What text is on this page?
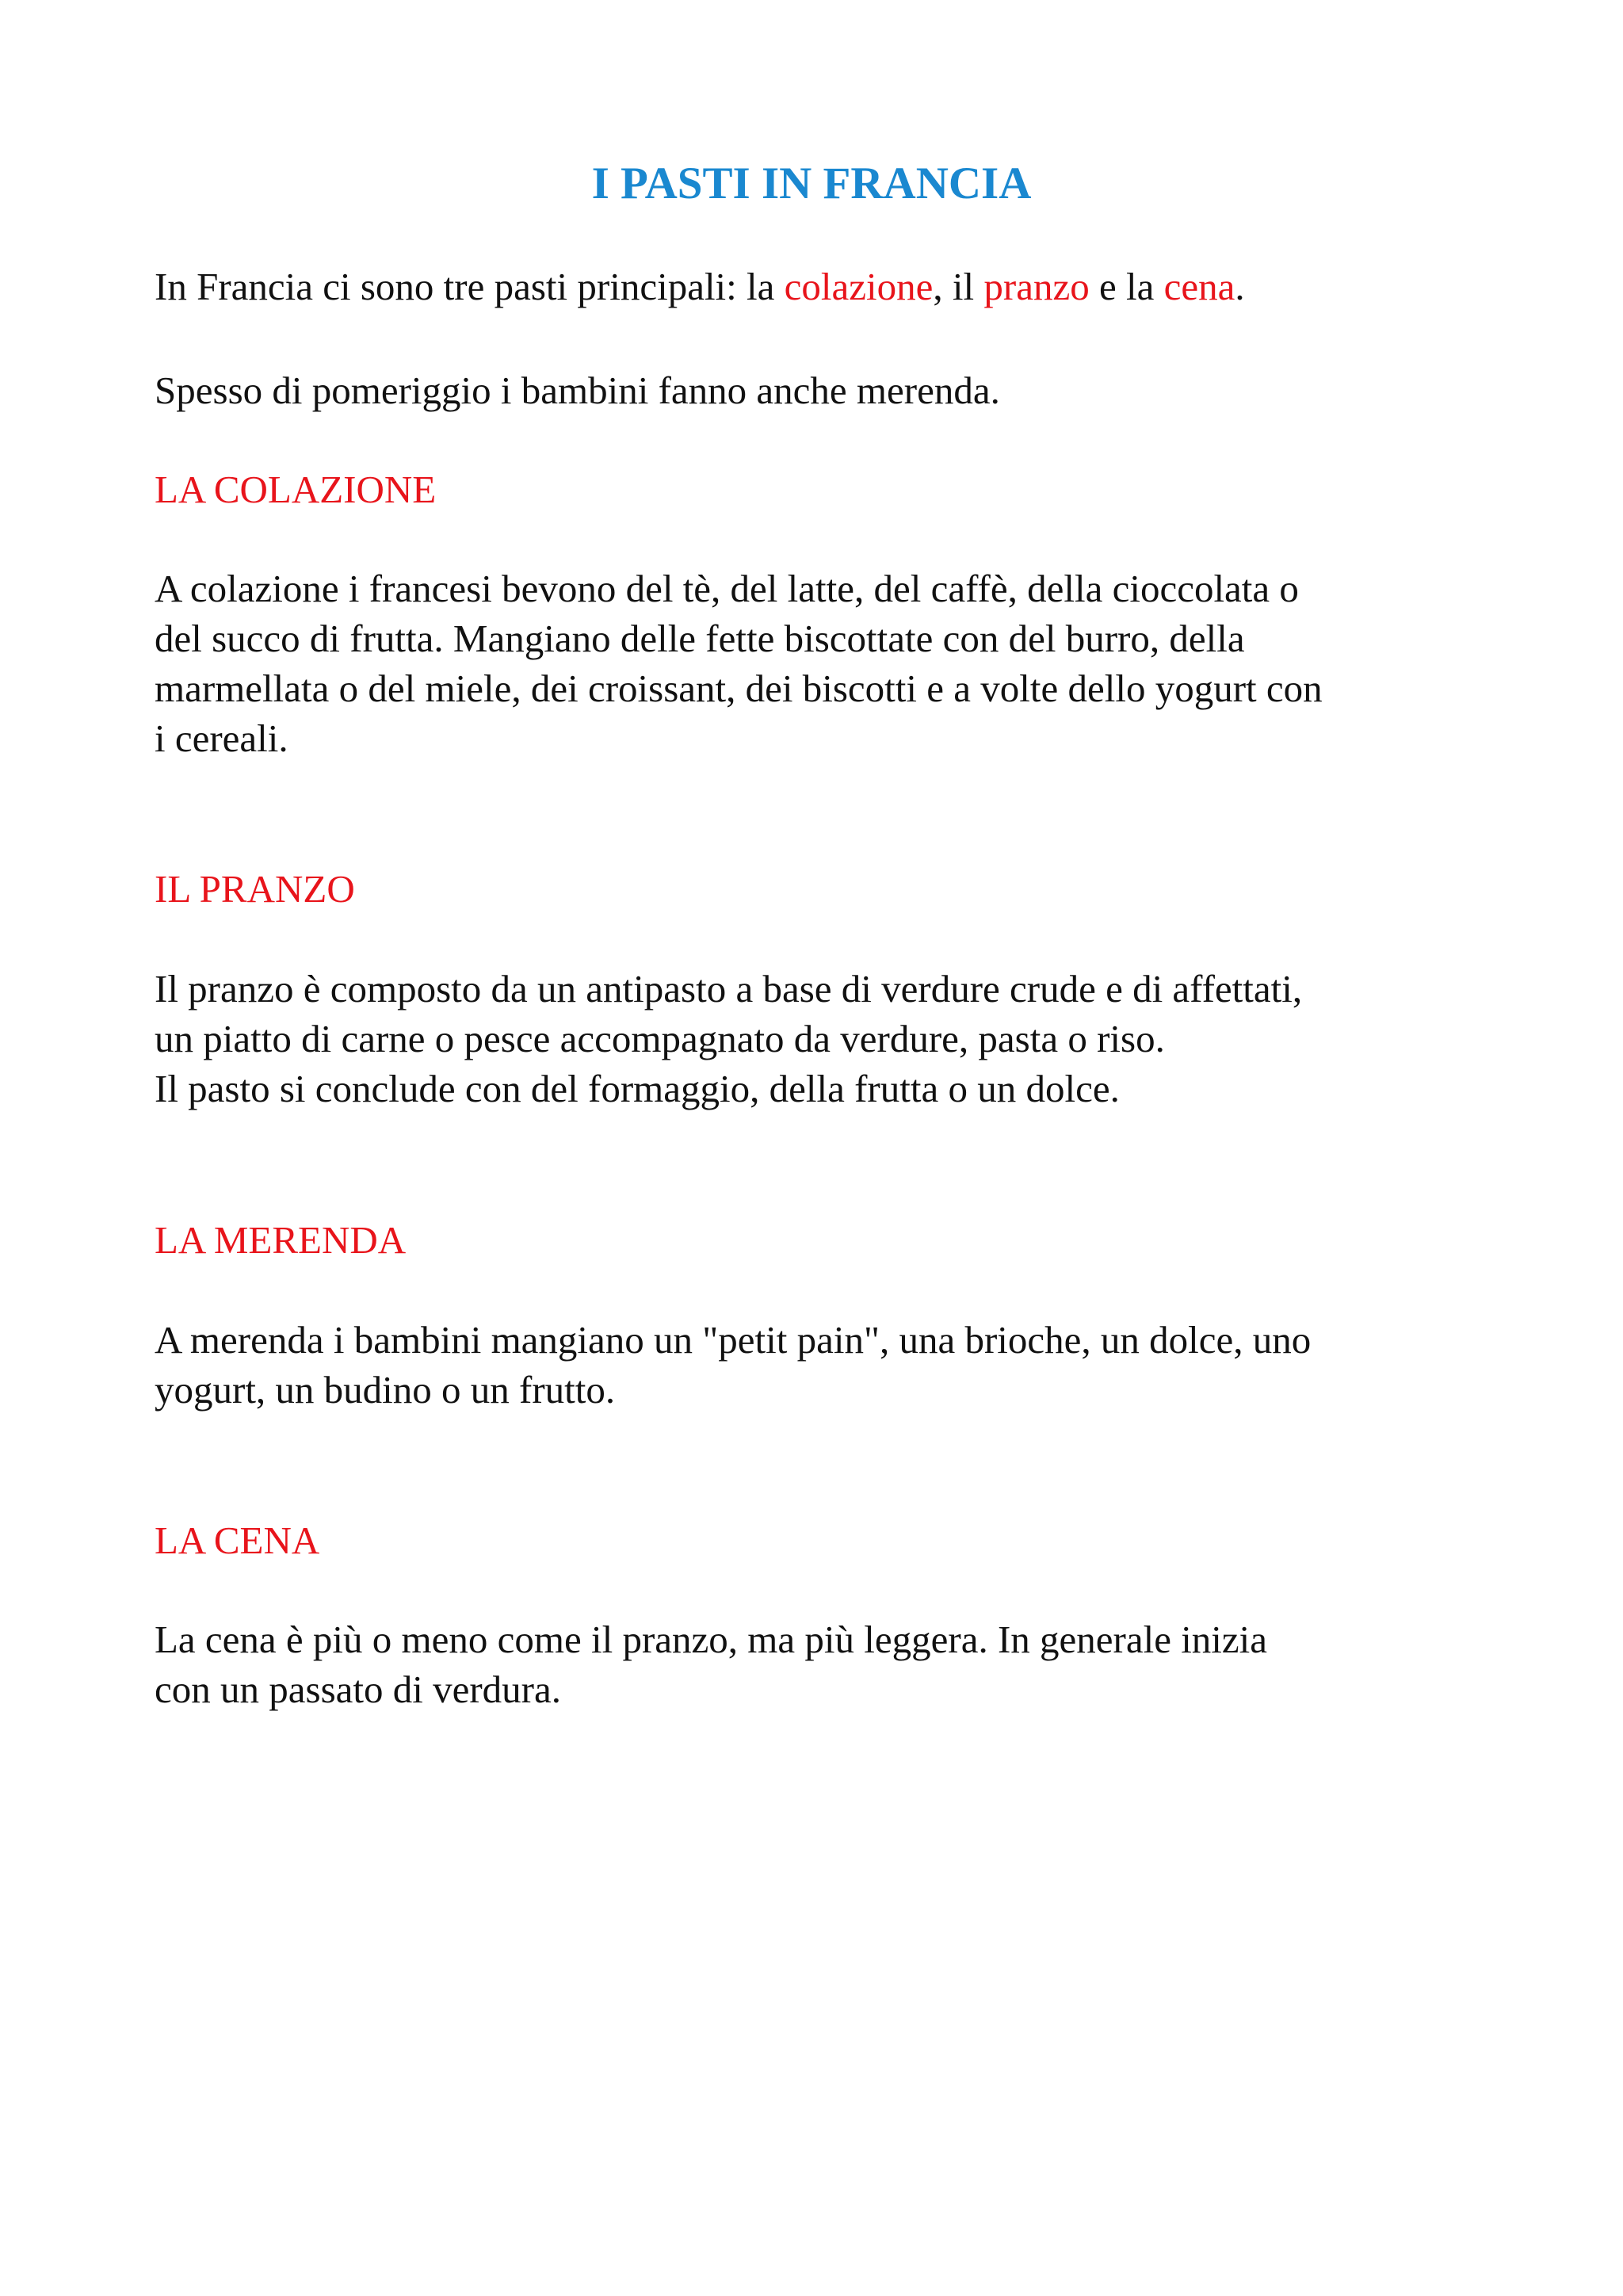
I PASTI IN FRANCIA

In Francia ci sono tre pasti principali: la colazione, il pranzo e la cena.

Spesso di pomeriggio i bambini fanno anche merenda.

LA COLAZIONE

A colazione i francesi bevono del tè, del latte, del caffè, della cioccolata o
del succo di frutta. Mangiano delle fette biscottate con del burro, della
marmellata o del miele, dei croissant, dei biscotti e a volte dello yogurt con
i cereali.

IL PRANZO

Il pranzo è composto da un antipasto a base di verdure crude e di affettati,
un piatto di carne o pesce accompagnato da verdure, pasta o riso.
Il pasto si conclude con del formaggio, della frutta o un dolce.

LA MERENDA

A merenda i bambini mangiano un "petit pain", una brioche, un dolce, uno
yogurt, un budino o un frutto.

LA CENA

La cena è più o meno come il pranzo, ma più leggera. In generale inizia
con un passato di verdura.
